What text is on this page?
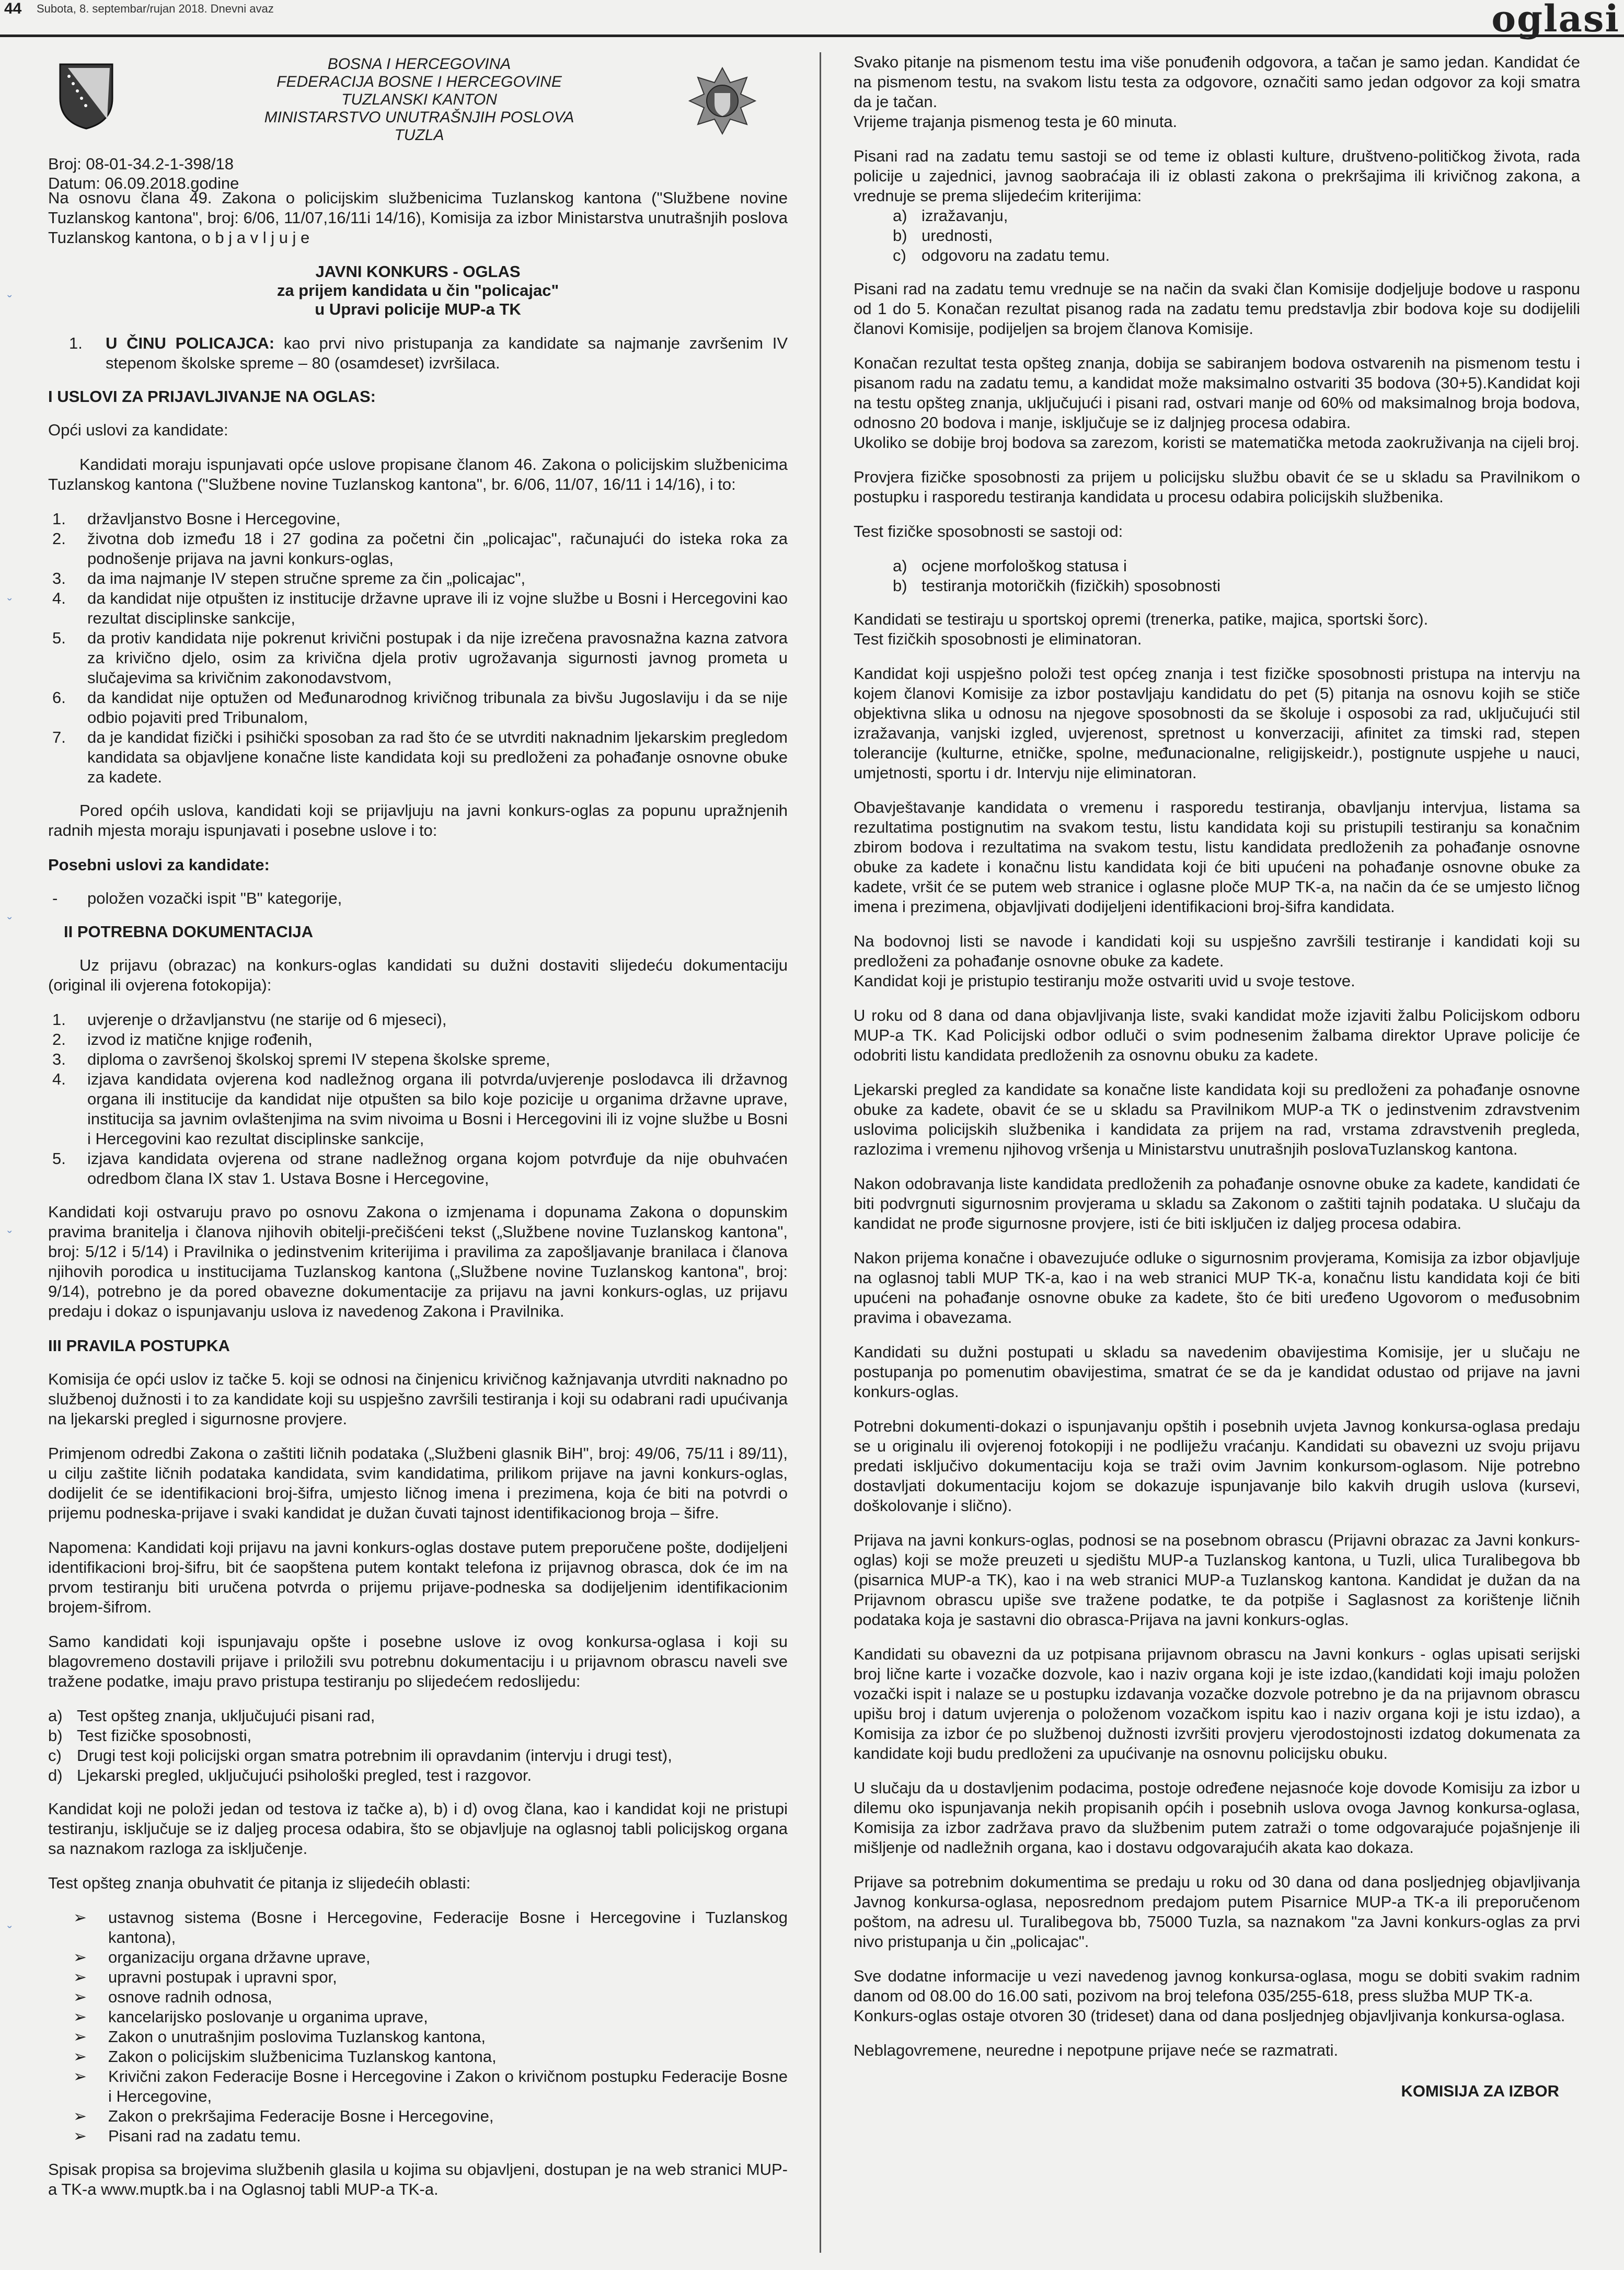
44 Subota, 8. septembar/rujan 2018. Dnevni avaz	oglasi
ˇ
ˇ
ˇ
ˇ
ˇ
BOSNA I HERCEGOVINA
FEDERACIJA BOSNE I HERCEGOVINE
TUZLANSKI KANTON
MINISTARSTVO UNUTRAŠNJIH POSLOVA
TUZLA
Broj: 08-01-34.2-1-398/18
Datum: 06.09.2018.godine

Na osnovu člana 49. Zakona o policijskim službenicima Tuzlanskog kantona ("Službene novine Tuzlanskog kantona", broj: 6/06, 11/07,16/11i 14/16), Komisija za izbor Ministarstva unutrašnjih poslova Tuzlanskog kantona, o b j a v l j u j e

JAVNI KONKURS - OGLAS
za prijem kandidata u čin "policajac"
u Upravi policije MUP-a TK
1. U ČINU POLICAJCA: kao prvi nivo pristupanja za kandidate sa najmanje završenim IV stepenom školske spreme – 80 (osamdeset) izvršilaca.
I USLOVI ZA PRIJAVLJIVANJE NA OGLAS:

Opći uslovi za kandidate:

Kandidati moraju ispunjavati opće uslove propisane članom 46. Zakona o policijskim službenicima Tuzlanskog kantona ("Službene novine Tuzlanskog kantona", br. 6/06, 11/07, 16/11 i 14/16), i to:

1. državljanstvo Bosne i Hercegovine,
2. životna dob između 18 i 27 godina za početni čin „policajac", računajući do isteka roka za podnošenje prijava na javni konkurs-oglas,
3. da ima najmanje IV stepen stručne spreme za čin „policajac",
4. da kandidat nije otpušten iz institucije državne uprave ili iz vojne službe u Bosni i Hercegovini kao rezultat disciplinske sankcije,
5. da protiv kandidata nije pokrenut krivični postupak i da nije izrečena pravosnažna kazna zatvora za krivično djelo, osim za krivična djela protiv ugrožavanja sigurnosti javnog prometa u slučajevima sa krivičnim zakonodavstvom,
6. da kandidat nije optužen od Međunarodnog krivičnog tribunala za bivšu Jugoslaviju i da se nije odbio pojaviti pred Tribunalom,
7. da je kandidat fizički i psihički sposoban za rad što će se utvrditi naknadnim ljekarskim pregledom kandidata sa objavljene konačne liste kandidata koji su predloženi za pohađanje osnovne obuke za kadete.

Pored općih uslova, kandidati koji se prijavljuju na javni konkurs-oglas za popunu upražnjenih radnih mjesta moraju ispunjavati i posebne uslove i to:

Posebni uslovi za kandidate:

- položen vozački ispit "B" kategorije,
II POTREBNA DOKUMENTACIJA

Uz prijavu (obrazac) na konkurs-oglas kandidati su dužni dostaviti slijedeću dokumentaciju (original ili ovjerena fotokopija):

1. uvjerenje o državljanstvu (ne starije od 6 mjeseci),
2. izvod iz matične knjige rođenih,
3. diploma o završenoj školskoj spremi IV stepena školske spreme,
4. izjava kandidata ovjerena kod nadležnog organa ili potvrda/uvjerenje poslodavca ili državnog organa ili institucije da kandidat nije otpušten sa bilo koje pozicije u organima državne uprave, institucija sa javnim ovlaštenjima na svim nivoima u Bosni i Hercegovini ili iz vojne službe u Bosni i Hercegovini kao rezultat disciplinske sankcije,
5. izjava kandidata ovjerena od strane nadležnog organa kojom potvrđuje da nije obuhvaćen odredbom člana IX stav 1. Ustava Bosne i Hercegovine,

Kandidati koji ostvaruju pravo po osnovu Zakona o izmjenama i dopunama Zakona o dopunskim pravima branitelja i članova njihovih obitelji-prečišćeni tekst („Službene novine Tuzlanskog kantona", broj: 5/12 i 5/14) i Pravilnika o jedinstvenim kriterijima i pravilima za zapošljavanje branilaca i članova njihovih porodica u institucijama Tuzlanskog kantona („Službene novine Tuzlanskog kantona", broj: 9/14), potrebno je da pored obavezne dokumentacije za prijavu na javni konkurs-oglas, uz prijavu predaju i dokaz o ispunjavanju uslova iz navedenog Zakona i Pravilnika.

III PRAVILA POSTUPKA

Komisija će opći uslov iz tačke 5. koji se odnosi na činjenicu krivičnog kažnjavanja utvrditi naknadno po službenoj dužnosti i to za kandidate koji su uspješno završili testiranja i koji su odabrani radi upućivanja na ljekarski pregled i sigurnosne provjere.

Primjenom odredbi Zakona o zaštiti ličnih podataka („Službeni glasnik BiH", broj: 49/06, 75/11 i 89/11), u cilju zaštite ličnih podataka kandidata, svim kandidatima, prilikom prijave na javni konkurs-oglas, dodijelit će se identifikacioni broj-šifra, umjesto ličnog imena i prezimena, koja će biti na potvrdi o prijemu podneska-prijave i svaki kandidat je dužan čuvati tajnost identifikacionog broja – šifre.

Napomena: Kandidati koji prijavu na javni konkurs-oglas dostave putem preporučene pošte, dodijeljeni identifikacioni broj-šifru, bit će saopštena putem kontakt telefona iz prijavnog obrasca, dok će im na prvom testiranju biti uručena potvrda o prijemu prijave-podneska sa dodijeljenim identifikacionim brojem-šifrom.

Samo kandidati koji ispunjavaju opšte i posebne uslove iz ovog konkursa-oglasa i koji su blagovremeno dostavili prijave i priložili svu potrebnu dokumentaciju i u prijavnom obrascu naveli sve tražene podatke, imaju pravo pristupa testiranju po slijedećem redoslijedu:

a) Test opšteg znanja, uključujući pisani rad,
b) Test fizičke sposobnosti,
c) Drugi test koji policijski organ smatra potrebnim ili opravdanim (intervju i drugi test),
d) Ljekarski pregled, uključujući psihološki pregled, test i razgovor.

Kandidat koji ne položi jedan od testova iz tačke a), b) i d) ovog člana, kao i kandidat koji ne pristupi testiranju, isključuje se iz daljeg procesa odabira, što se objavljuje na oglasnoj tabli policijskog organa sa naznakom razloga za isključenje.

Test opšteg znanja obuhvatit će pitanja iz slijedećih oblasti:

➢ ustavnog sistema (Bosne i Hercegovine, Federacije Bosne i Hercegovine i Tuzlanskog kantona),
➢ organizaciju organa državne uprave,
➢ upravni postupak i upravni spor,
➢ osnove radnih odnosa,
➢ kancelarijsko poslovanje u organima uprave,
➢ Zakon o unutrašnjim poslovima Tuzlanskog kantona,
➢ Zakon o policijskim službenicima Tuzlanskog kantona,
➢ Krivični zakon Federacije Bosne i Hercegovine i Zakon o krivičnom postupku Federacije Bosne i Hercegovine,
➢ Zakon o prekršajima Federacije Bosne i Hercegovine,
➢ Pisani rad na zadatu temu.

Spisak propisa sa brojevima službenih glasila u kojima su objavljeni, dostupan je na web stranici MUP-a TK-a www.muptk.ba i na Oglasnoj tabli MUP-a TK-a.

Svako pitanje na pismenom testu ima više ponuđenih odgovora, a tačan je samo jedan. Kandidat će na pismenom testu, na svakom listu testa za odgovore, označiti samo jedan odgovor za koji smatra da je tačan.
Vrijeme trajanja pismenog testa je 60 minuta.

Pisani rad na zadatu temu sastoji se od teme iz oblasti kulture, društveno-političkog života, rada policije u zajednici, javnog saobraćaja ili iz oblasti zakona o prekršajima ili krivičnog zakona, a vrednuje se prema slijedećim kriterijima:

a) izražavanju,
b) urednosti,
c) odgovoru na zadatu temu.

Pisani rad na zadatu temu vrednuje se na način da svaki član Komisije dodjeljuje bodove u rasponu od 1 do 5. Konačan rezultat pisanog rada na zadatu temu predstavlja zbir bodova koje su dodijelili članovi Komisije, podijeljen sa brojem članova Komisije.

Konačan rezultat testa opšteg znanja, dobija se sabiranjem bodova ostvarenih na pismenom testu i pisanom radu na zadatu temu, a kandidat može maksimalno ostvariti 35 bodova (30+5).Kandidat koji na testu opšteg znanja, uključujući i pisani rad, ostvari manje od 60% od maksimalnog broja bodova, odnosno 20 bodova i manje, isključuje se iz daljnjeg procesa odabira.
Ukoliko se dobije broj bodova sa zarezom, koristi se matematička metoda zaokruživanja na cijeli broj.

Provjera fizičke sposobnosti za prijem u policijsku službu obavit će se u skladu sa Pravilnikom o postupku i rasporedu testiranja kandidata u procesu odabira policijskih službenika.

Test fizičke sposobnosti se sastoji od:

a) ocjene morfološkog statusa i
b) testiranja motoričkih (fizičkih) sposobnosti

Kandidati se testiraju u sportskoj opremi (trenerka, patike, majica, sportski šorc).
Test fizičkih sposobnosti je eliminatoran.

Kandidat koji uspješno položi test općeg znanja i test fizičke sposobnosti pristupa na intervju na kojem članovi Komisije za izbor postavljaju kandidatu do pet (5) pitanja na osnovu kojih se stiče objektivna slika u odnosu na njegove sposobnosti da se školuje i osposobi za rad, uključujući stil izražavanja, vanjski izgled, uvjerenost, spretnost u konverzaciji, afinitet za timski rad, stepen tolerancije (kulturne, etničke, spolne, međunacionalne, religijskeidr.), postignute uspjehe u nauci, umjetnosti, sportu i dr. Intervju nije eliminatoran.

Obavještavanje kandidata o vremenu i rasporedu testiranja, obavljanju intervjua, listama sa rezultatima postignutim na svakom testu, listu kandidata koji su pristupili testiranju sa konačnim zbirom bodova i rezultatima na svakom testu, listu kandidata predloženih za pohađanje osnovne obuke za kadete i konačnu listu kandidata koji će biti upućeni na pohađanje osnovne obuke za kadete, vršit će se putem web stranice i oglasne ploče MUP TK-a, na način da će se umjesto ličnog imena i prezimena, objavljivati dodijeljeni identifikacioni broj-šifra kandidata.

Na bodovnoj listi se navode i kandidati koji su uspješno završili testiranje i kandidati koji su predloženi za pohađanje osnovne obuke za kadete.
Kandidat koji je pristupio testiranju može ostvariti uvid u svoje testove.

U roku od 8 dana od dana objavljivanja liste, svaki kandidat može izjaviti žalbu Policijskom odboru MUP-a TK. Kad Policijski odbor odluči o svim podnesenim žalbama direktor Uprave policije će odobriti listu kandidata predloženih za osnovnu obuku za kadete.

Ljekarski pregled za kandidate sa konačne liste kandidata koji su predloženi za pohađanje osnovne obuke za kadete, obavit će se u skladu sa Pravilnikom MUP-a TK o jedinstvenim zdravstvenim uslovima policijskih službenika i kandidata za prijem na rad, vrstama zdravstvenih pregleda, razlozima i vremenu njihovog vršenja u Ministarstvu unutrašnjih poslovaTuzlanskog kantona.

Nakon odobravanja liste kandidata predloženih za pohađanje osnovne obuke za kadete, kandidati će biti podvrgnuti sigurnosnim provjerama u skladu sa Zakonom o zaštiti tajnih podataka. U slučaju da kandidat ne prođe sigurnosne provjere, isti će biti isključen iz daljeg procesa odabira.

Nakon prijema konačne i obavezujuće odluke o sigurnosnim provjerama, Komisija za izbor objavljuje na oglasnoj tabli MUP TK-a, kao i na web stranici MUP TK-a, konačnu listu kandidata koji će biti upućeni na pohađanje osnovne obuke za kadete, što će biti uređeno Ugovorom o međusobnim pravima i obavezama.

Kandidati su dužni postupati u skladu sa navedenim obavijestima Komisije, jer u slučaju ne postupanja po pomenutim obavijestima, smatrat će se da je kandidat odustao od prijave na javni konkurs-oglas.

Potrebni dokumenti-dokazi o ispunjavanju opštih i posebnih uvjeta Javnog konkursa-oglasa predaju se u originalu ili ovjerenoj fotokopiji i ne podliježu vraćanju. Kandidati su obavezni uz svoju prijavu predati isključivo dokumentaciju koja se traži ovim Javnim konkursom-oglasom. Nije potrebno dostavljati dokumentaciju kojom se dokazuje ispunjavanje bilo kakvih drugih uslova (kursevi, doškolovanje i slično).

Prijava na javni konkurs-oglas, podnosi se na posebnom obrascu (Prijavni obrazac za Javni konkurs-oglas) koji se može preuzeti u sjedištu MUP-a Tuzlanskog kantona, u Tuzli, ulica Turalibegova bb (pisarnica MUP-a TK), kao i na web stranici MUP-a Tuzlanskog kantona. Kandidat je dužan da na Prijavnom obrascu upiše sve tražene podatke, te da potpiše i Saglasnost za korištenje ličnih podataka koja je sastavni dio obrasca-Prijava na javni konkurs-oglas.

Kandidati su obavezni da uz potpisana prijavnom obrascu na Javni konkurs - oglas upisati serijski broj lične karte i vozačke dozvole, kao i naziv organa koji je iste izdao,(kandidati koji imaju položen vozački ispit i nalaze se u postupku izdavanja vozačke dozvole potrebno je da na prijavnom obrascu upišu broj i datum uvjerenja o položenom vozačkom ispitu kao i naziv organa koji je istu izdao), a Komisija za izbor će po službenoj dužnosti izvršiti provjeru vjerodostojnosti izdatog dokumenata za kandidate koji budu predloženi za upućivanje na osnovnu policijsku obuku.

U slučaju da u dostavljenim podacima, postoje određene nejasnoće koje dovode Komisiju za izbor u dilemu oko ispunjavanja nekih propisanih općih i posebnih uslova ovoga Javnog konkursa-oglasa, Komisija za izbor zadržava pravo da službenim putem zatraži o tome odgovarajuće pojašnjenje ili mišljenje od nadležnih organa, kao i dostavu odgovarajućih akata kao dokaza.

Prijave sa potrebnim dokumentima se predaju u roku od 30 dana od dana posljednjeg objavljivanja Javnog konkursa-oglasa, neposrednom predajom putem Pisarnice MUP-a TK-a ili preporučenom poštom, na adresu ul. Turalibegova bb, 75000 Tuzla, sa naznakom "za Javni konkurs-oglas za prvi nivo pristupanja u čin „policajac".

Sve dodatne informacije u vezi navedenog javnog konkursa-oglasa, mogu se dobiti svakim radnim danom od 08.00 do 16.00 sati, pozivom na broj telefona 035/255-618, press služba MUP TK-a.
Konkurs-oglas ostaje otvoren 30 (trideset) dana od dana posljednjeg objavljivanja konkursa-oglasa.

Neblagovremene, neuredne i nepotpune prijave neće se razmatrati.

KOMISIJA ZA IZBOR
